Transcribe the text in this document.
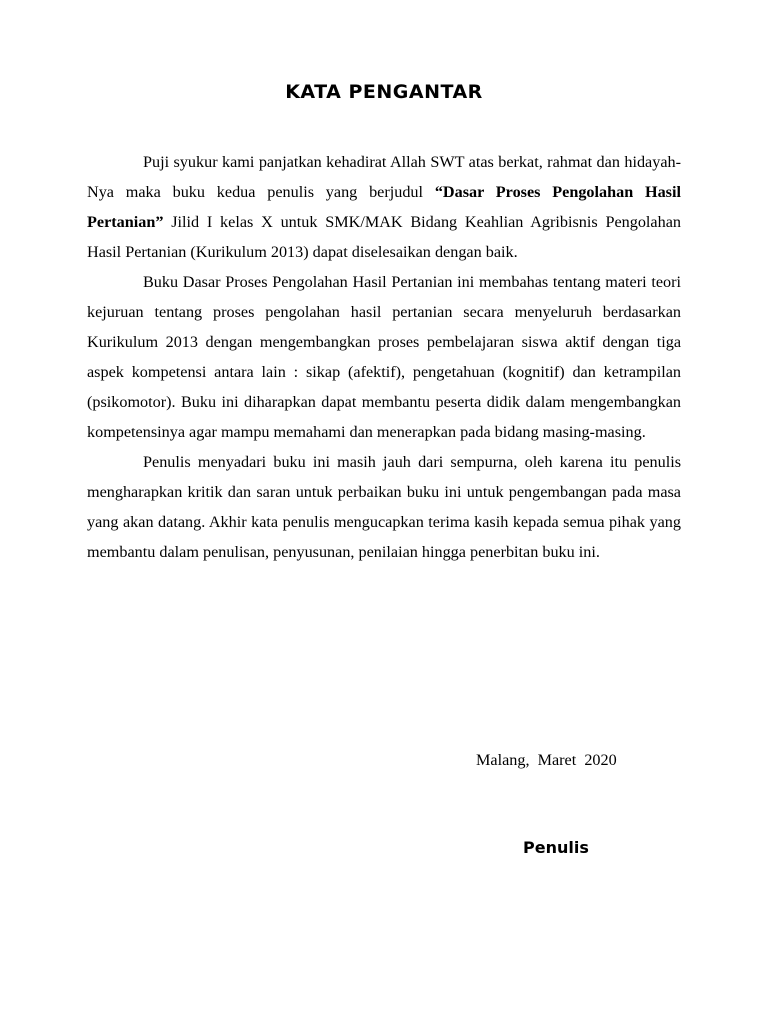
KATA PENGANTAR

Puji syukur kami panjatkan kehadirat Allah SWT atas berkat, rahmat dan hidayah-Nya maka buku kedua penulis yang berjudul “Dasar Proses Pengolahan Hasil Pertanian” Jilid I kelas X untuk SMK/MAK Bidang Keahlian Agribisnis Pengolahan Hasil Pertanian (Kurikulum 2013) dapat diselesaikan dengan baik.

Buku Dasar Proses Pengolahan Hasil Pertanian ini membahas tentang materi teori kejuruan tentang proses pengolahan hasil pertanian secara menyeluruh berdasarkan Kurikulum 2013 dengan mengembangkan proses pembelajaran siswa aktif dengan tiga aspek kompetensi antara lain : sikap (afektif), pengetahuan (kognitif) dan ketrampilan (psikomotor). Buku ini diharapkan dapat membantu peserta didik dalam mengembangkan kompetensinya agar mampu memahami dan menerapkan pada bidang masing-masing.

Penulis menyadari buku ini masih jauh dari sempurna, oleh karena itu penulis mengharapkan kritik dan saran untuk perbaikan buku ini untuk pengembangan pada masa yang akan datang. Akhir kata penulis mengucapkan terima kasih kepada semua pihak yang membantu dalam penulisan, penyusunan, penilaian hingga penerbitan buku ini.

Malang,  Maret  2020

Penulis
